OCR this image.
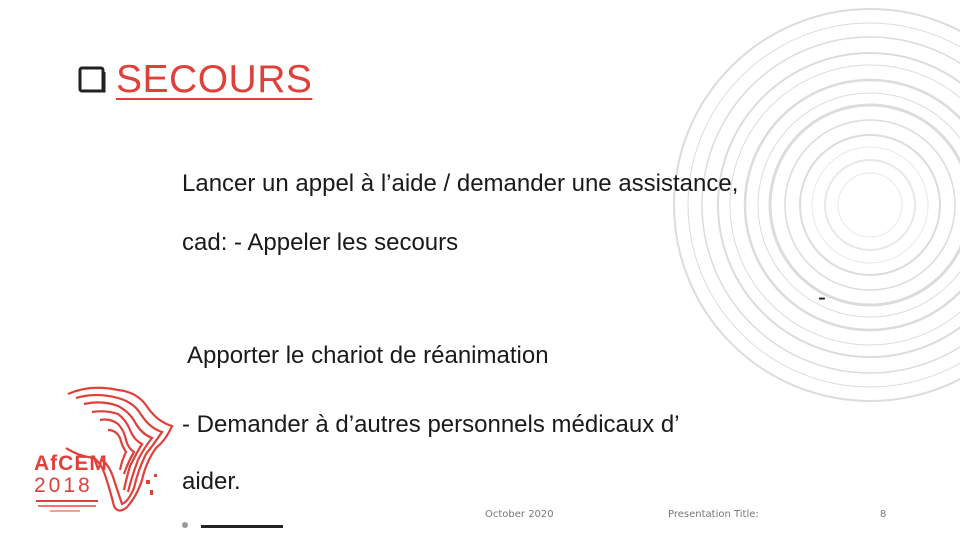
SECOURS
Lancer un appel à l’aide / demander une assistance,
cad: - Appeler les secours
-
Apporter le chariot de réanimation
- Demander à d’autres personnels médicaux d’
aider.
AfCEM
2018
October 2020	Presentation Title:	8
